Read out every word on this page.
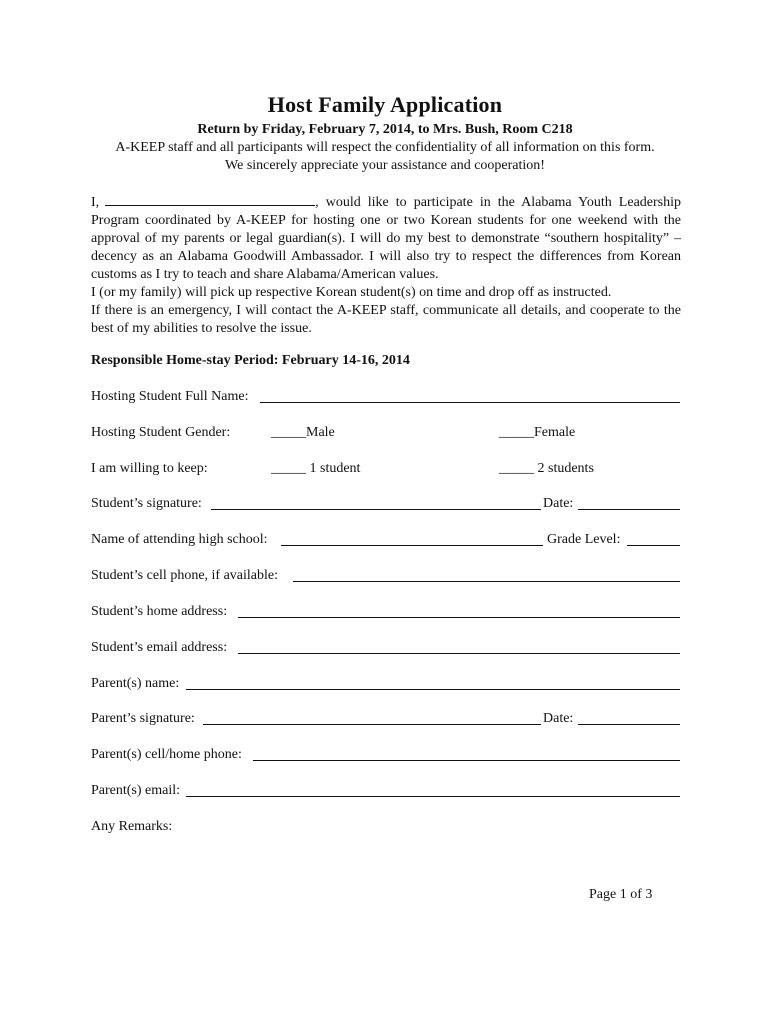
Host Family Application
Return by Friday, February 7, 2014, to Mrs. Bush, Room C218
A-KEEP staff and all participants will respect the confidentiality of all information on this form.
We sincerely appreciate your assistance and cooperation!

I,	, would like to participate in the Alabama Youth Leadership Program coordinated by A-KEEP for hosting one or two Korean students for one weekend with the approval of my parents or legal guardian(s). I will do my best to demonstrate “southern hospitality” – decency as an Alabama Goodwill Ambassador. I will also try to respect the differences from Korean customs as I try to teach and share Alabama/American values.

I (or my family) will pick up respective Korean student(s) on time and drop off as instructed.

If there is an emergency, I will contact the A-KEEP staff, communicate all details, and cooperate to the best of my abilities to resolve the issue.

Responsible Home-stay Period: February 14-16, 2014
Hosting Student Full Name:
Hosting Student Gender:	_____Male	_____Female
I am willing to keep:	_____ 1 student	_____ 2 students
Student’s signature:	Date:
Name of attending high school:	Grade Level:
Student’s cell phone, if available:
Student’s home address:
Student’s email address:
Parent(s) name:
Parent’s signature:	Date:
Parent(s) cell/home phone:
Parent(s) email:
Any Remarks:
Page 1 of 3
